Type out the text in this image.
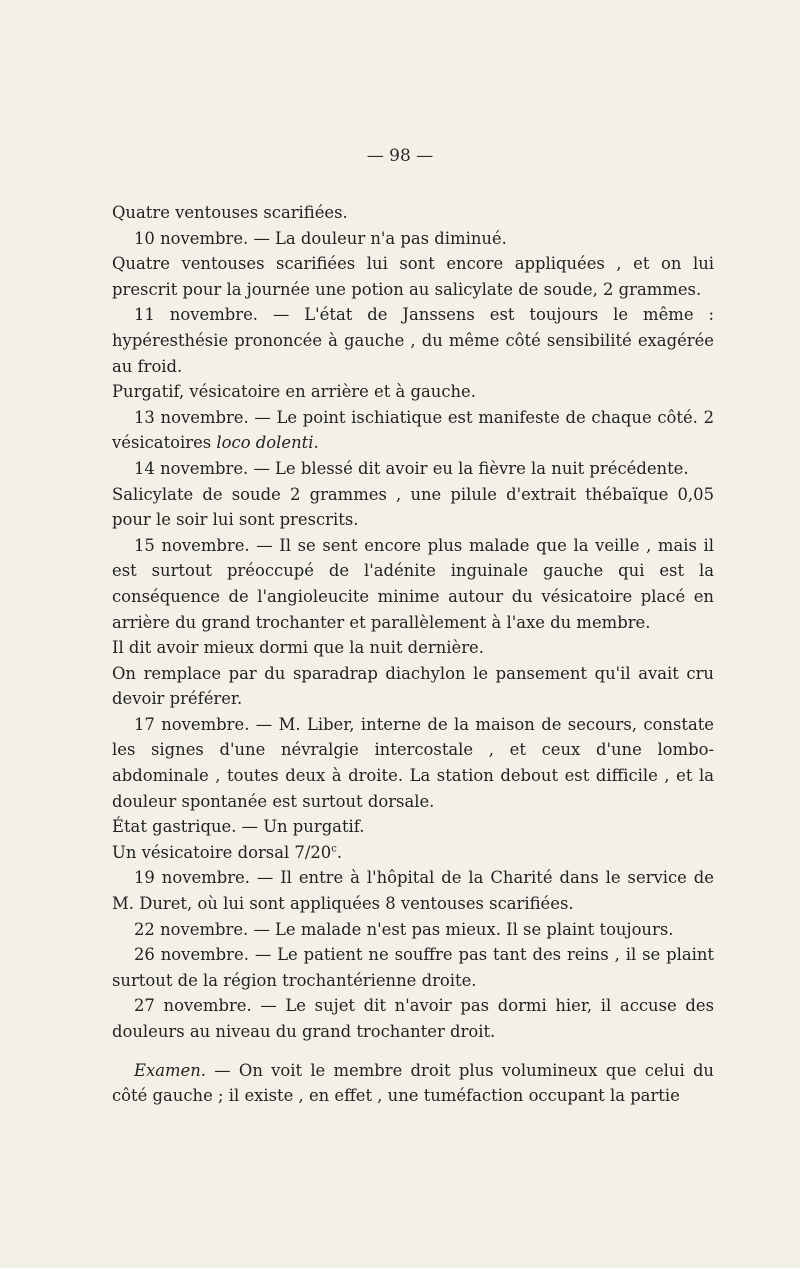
— 98 —

Quatre ventouses scarifiées.

10 novembre. — La douleur n'a pas diminué.

Quatre ventouses scarifiées lui sont encore appliquées , et on lui prescrit pour la journée une potion au salicylate de soude, 2 grammes.

11 novembre. — L'état de Janssens est toujours le même : hypéresthésie prononcée à gauche , du même côté sensibilité exagérée au froid.

Purgatif, vésicatoire en arrière et à gauche.

13 novembre. — Le point ischiatique est manifeste de chaque côté. 2 vésicatoires loco dolenti.

14 novembre. — Le blessé dit avoir eu la fièvre la nuit précédente.

Salicylate de soude 2 grammes , une pilule d'extrait thébaïque 0,05 pour le soir lui sont prescrits.

15 novembre. — Il se sent encore plus malade que la veille , mais il est surtout préoccupé de l'adénite inguinale gauche qui est la conséquence de l'angioleucite minime autour du vésicatoire placé en arrière du grand trochanter et parallèlement à l'axe du membre.

Il dit avoir mieux dormi que la nuit dernière.

On remplace par du sparadrap diachylon le pansement qu'il avait cru devoir préférer.

17 novembre. — M. Liber, interne de la maison de secours, constate les signes d'une névralgie intercostale , et ceux d'une lombo-abdominale , toutes deux à droite. La station debout est difficile , et la douleur spontanée est surtout dorsale.

État gastrique. — Un purgatif.

Un vésicatoire dorsal 7/20$^c$.

19 novembre. — Il entre à l'hôpital de la Charité dans le service de M. Duret, où lui sont appliquées 8 ventouses scarifiées.

22 novembre. — Le malade n'est pas mieux. Il se plaint toujours.

26 novembre. — Le patient ne souffre pas tant des reins , il se plaint surtout de la région trochantérienne droite.

27 novembre. — Le sujet dit n'avoir pas dormi hier, il accuse des douleurs au niveau du grand trochanter droit.

Examen. — On voit le membre droit plus volumineux que celui du côté gauche ; il existe , en effet , une tuméfaction occupant la partie
